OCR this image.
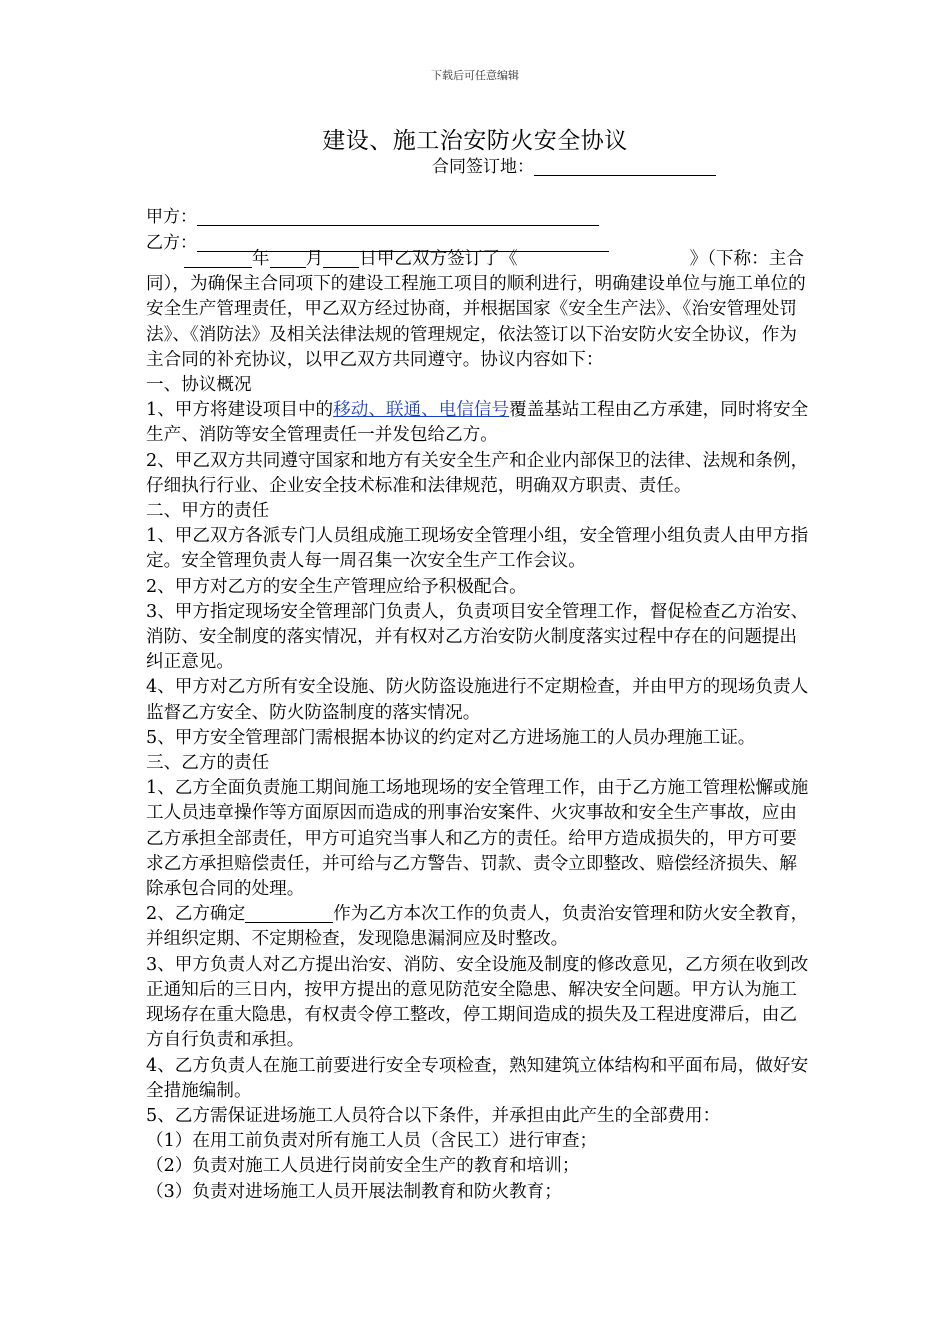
下载后可任意编辑
建设、施工治安防火安全协议
合同签订地：
甲方：
乙方：

年 月 日甲乙双方签订了《	》（下称：主合同），为确保主合同项下的建设工程施工项目的顺利进行，明确建设单位与施工单位的安全生产管理责任，甲乙双方经过协商，并根据国家《安全生产法》、《治安管理处罚法》、《消防法》及相关法律法规的管理规定，依法签订以下治安防火安全协议，作为主合同的补充协议，以甲乙双方共同遵守。协议内容如下：

一、协议概况

1、甲方将建设项目中的移动、联通、电信信号覆盖基站工程由乙方承建，同时将安全生产、消防等安全管理责任一并发包给乙方。

2、甲乙双方共同遵守国家和地方有关安全生产和企业内部保卫的法律、法规和条例，仔细执行行业、企业安全技术标准和法律规范，明确双方职责、责任。

二、甲方的责任

1、甲乙双方各派专门人员组成施工现场安全管理小组，安全管理小组负责人由甲方指定。安全管理负责人每一周召集一次安全生产工作会议。

2、甲方对乙方的安全生产管理应给予积极配合。

3、甲方指定现场安全管理部门负责人，负责项目安全管理工作，督促检查乙方治安、消防、安全制度的落实情况，并有权对乙方治安防火制度落实过程中存在的问题提出纠正意见。

4、甲方对乙方所有安全设施、防火防盗设施进行不定期检查，并由甲方的现场负责人监督乙方安全、防火防盗制度的落实情况。

5、甲方安全管理部门需根据本协议的约定对乙方进场施工的人员办理施工证。

三、乙方的责任

1、乙方全面负责施工期间施工场地现场的安全管理工作，由于乙方施工管理松懈或施工人员违章操作等方面原因而造成的刑事治安案件、火灾事故和安全生产事故，应由乙方承担全部责任，甲方可追究当事人和乙方的责任。给甲方造成损失的，甲方可要求乙方承担赔偿责任，并可给与乙方警告、罚款、责令立即整改、赔偿经济损失、解除承包合同的处理。

2、乙方确定	作为乙方本次工作的负责人，负责治安管理和防火安全教育，并组织定期、不定期检查，发现隐患漏洞应及时整改。

3、甲方负责人对乙方提出治安、消防、安全设施及制度的修改意见，乙方须在收到改正通知后的三日内，按甲方提出的意见防范安全隐患、解决安全问题。甲方认为施工现场存在重大隐患，有权责令停工整改，停工期间造成的损失及工程进度滞后，由乙方自行负责和承担。

4、乙方负责人在施工前要进行安全专项检查，熟知建筑立体结构和平面布局，做好安全措施编制。

5、乙方需保证进场施工人员符合以下条件，并承担由此产生的全部费用：

（1）在用工前负责对所有施工人员（含民工）进行审查；

（2）负责对施工人员进行岗前安全生产的教育和培训；

（3）负责对进场施工人员开展法制教育和防火教育；
